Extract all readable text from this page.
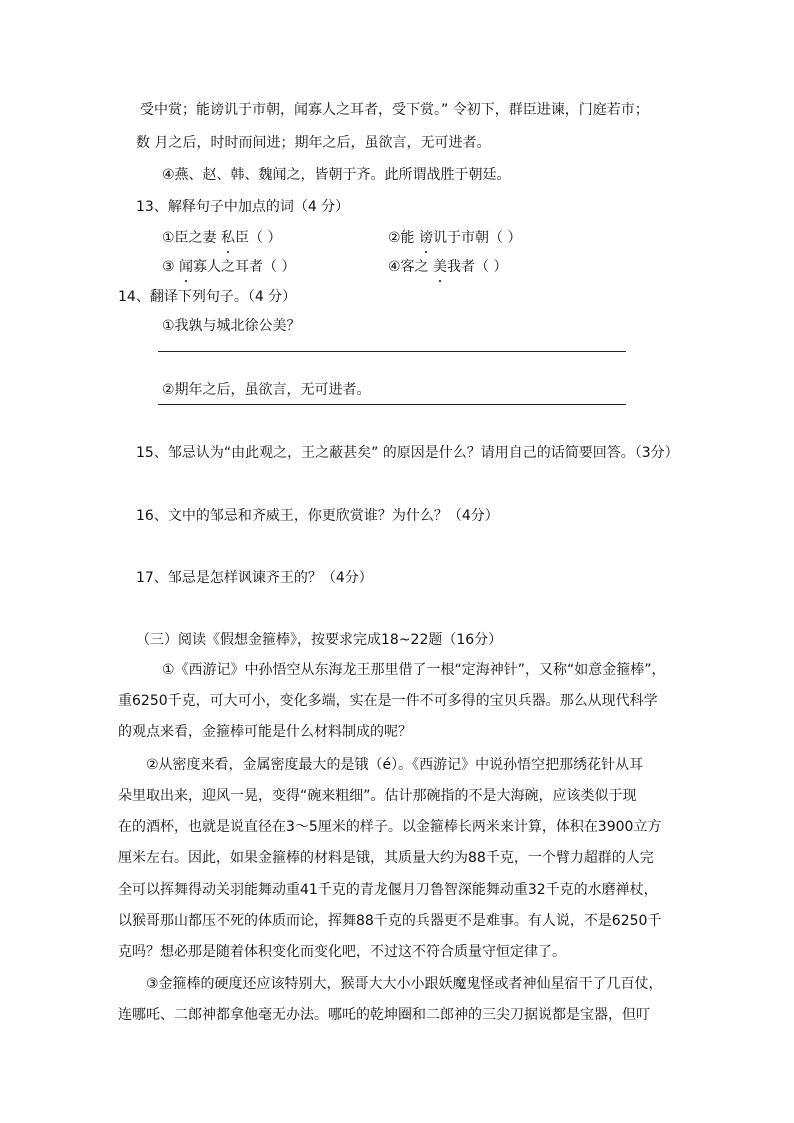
受中赏；能谤讥于市朝，闻寡人之耳者，受下赏。” 令初下，群臣进谏，门庭若市；
数 月之后，时时而间进；期年之后，虽欲言，无可进者。
④燕、赵、韩、魏闻之，皆朝于齐。此所谓战胜于朝廷。
13、解释句子中加点的词（4 分）
①臣之妻 私臣（ ）	②能 谤讥于市朝（ ）
③ 闻寡人之耳者（ ）	④客之 美我者（ ）
14、翻译下列句子。（4 分）
①我孰与城北徐公美？
②期年之后，虽欲言，无可进者。
15、邹忌认为“由此观之，王之蔽甚矣” 的原因是什么？请用自己的话简要回答。（3分）
16、文中的邹忌和齐威王，你更欣赏谁？为什么？（4分）
17、邹忌是怎样讽谏齐王的？（4分）
（三）阅读《假想金箍棒》，按要求完成18~22题（16分）
①《西游记》中孙悟空从东海龙王那里借了一根“定海神针”，又称“如意金箍棒”，
重6250千克，可大可小，变化多端，实在是一件不可多得的宝贝兵器。那么从现代科学
的观点来看，金箍棒可能是什么材料制成的呢？
②从密度来看，金属密度最大的是锇（é）。《西游记》中说孙悟空把那绣花针从耳
朵里取出来，迎风一晃，变得“碗来粗细”。估计那碗指的不是大海碗，应该类似于现
在的酒杯，也就是说直径在3～5厘米的样子。以金箍棒长两米来计算，体积在3900立方
厘米左右。因此，如果金箍棒的材料是锇，其质量大约为88千克，一个臂力超群的人完
全可以挥舞得动关羽能舞动重41千克的青龙偃月刀鲁智深能舞动重32千克的水磨禅杖，
以猴哥那山都压不死的体质而论，挥舞88千克的兵器更不是难事。有人说，不是6250千
克吗？想必那是随着体积变化而变化吧，不过这不符合质量守恒定律了。
③金箍棒的硬度还应该特别大，猴哥大大小小跟妖魔鬼怪或者神仙星宿干了几百仗，
连哪吒、二郎神都拿他毫无办法。哪吒的乾坤圈和二郎神的三尖刀据说都是宝器，但叮
